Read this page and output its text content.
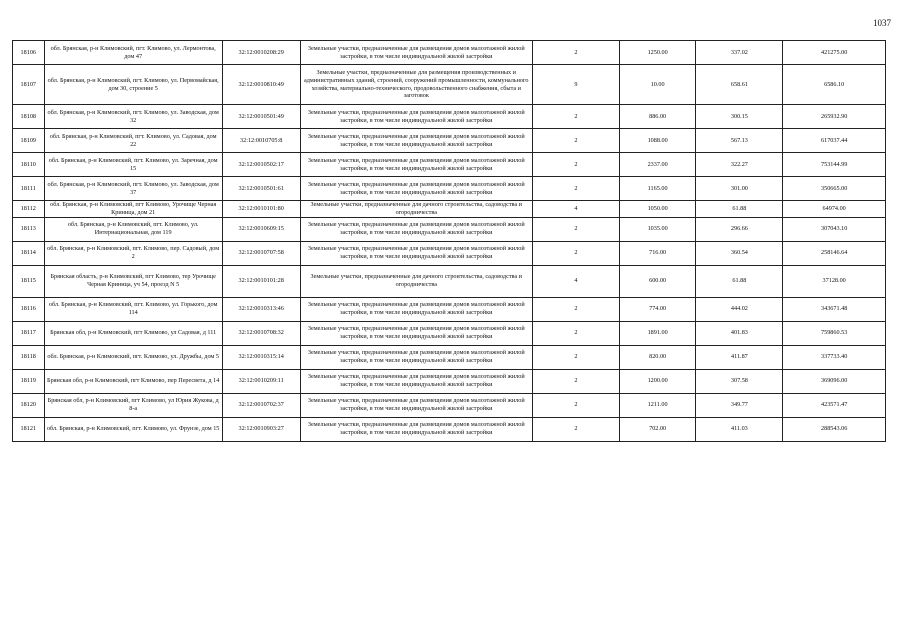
1037
18106	обл. Брянская, р-н Климовский, пгт. Климово, ул. Лермонтова, дом 47	32:12:0010208:29	Земельные участки, предназначенные для размещения домов малоэтажной жилой застройки, в том числе индивидуальной жилой застройки	2	1250.00	337.02	421275.00
18107	обл. Брянская, р-н Климовский, пгт. Климово, ул. Первомайская, дом 30, строение 5	32:12:0010810:49	Земельные участки, предназначенные для размещения производственных и административных зданий, строений, сооружений промышленности, коммунального хозяйства, материально-технического, продовольственного снабжения, сбыта и заготовок	9	10.00	658.61	6586.10
18108	обл. Брянская, р-н Климовский, пгт. Климово, ул. Заводская, дом 32	32:12:0010501:49	Земельные участки, предназначенные для размещения домов малоэтажной жилой застройки, в том числе индивидуальной жилой застройки	2	886.00	300.15	265932.90
18109	обл. Брянская, р-н Климовский, пгт. Климово, ул. Садовая, дом 22	32:12:0010705:8	Земельные участки, предназначенные для размещения домов малоэтажной жилой застройки, в том числе индивидуальной жилой застройки	2	1088.00	567.13	617037.44
18110	обл. Брянская, р-н Климовский, пгт. Климово, ул. Заречная, дом 15	32:12:0010502:17	Земельные участки, предназначенные для размещения домов малоэтажной жилой застройки, в том числе индивидуальной жилой застройки	2	2337.00	322.27	753144.99
18111	обл. Брянская, р-н Климовский, пгт. Климово, ул. Заводская, дом 37	32:12:0010501:61	Земельные участки, предназначенные для размещения домов малоэтажной жилой застройки, в том числе индивидуальной жилой застройки	2	1165.00	301.00	350665.00
18112	обл. Брянская, р-н Климовский, пгт Климово, Урочище Черная Криница, дом 21	32:12:0010101:80	Земельные участки, предназначенные для дачного строительства, садоводства и огородничества	4	1050.00	61.88	64974.00
18113	обл. Брянская, р-н Климовский, пгт. Климово, ул. Интернациональная, дом 119	32:12:0010609:15	Земельные участки, предназначенные для размещения домов малоэтажной жилой застройки, в том числе индивидуальной жилой застройки	2	1035.00	296.66	307043.10
18114	обл. Брянская, р-н Климовский, пгт. Климово, пер. Садовый, дом 2	32:12:0010707:58	Земельные участки, предназначенные для размещения домов малоэтажной жилой застройки, в том числе индивидуальной жилой застройки	2	716.00	360.54	258146.64
18115	Брянская область, р-н Климовский, пгт Климово, тер Урочище Черная Криница, уч 54, проезд N 5	32:12:0010101:28	Земельные участки, предназначенные для дачного строительства, садоводства и огородничества	4	600.00	61.88	37128.00
18116	обл. Брянская, р-н Климовский, пгт. Климово, ул. Горького, дом 114	32:12:0010313:46	Земельные участки, предназначенные для размещения домов малоэтажной жилой застройки, в том числе индивидуальной жилой застройки	2	774.00	444.02	343671.48
18117	Брянская обл, р-н Климовский, пгт Климово, ул Садовая, д 111	32:12:0010708:32	Земельные участки, предназначенные для размещения домов малоэтажной жилой застройки, в том числе индивидуальной жилой застройки	2	1891.00	401.83	759860.53
18118	обл. Брянская, р-н Климовский, пгт. Климово, ул. Дружбы, дом 5	32:12:0010315:14	Земельные участки, предназначенные для размещения домов малоэтажной жилой застройки, в том числе индивидуальной жилой застройки	2	820.00	411.87	337733.40
18119	Брянская обл, р-н Климовский, пгт Климово, пер Пересвета, д 14	32:12:0010209:11	Земельные участки, предназначенные для размещения домов малоэтажной жилой застройки, в том числе индивидуальной жилой застройки	2	1200.00	307.58	369096.00
18120	Брянская обл, р-н Климовский, пгт Климово, ул Юрия Жукова, д 8-а	32:12:0010702:37	Земельные участки, предназначенные для размещения домов малоэтажной жилой застройки, в том числе индивидуальной жилой застройки	2	1211.00	349.77	423571.47
18121	обл. Брянская, р-н Климовский, пгт. Климово, ул. Фрунзе, дом 15	32:12:0010903:27	Земельные участки, предназначенные для размещения домов малоэтажной жилой застройки, в том числе индивидуальной жилой застройки	2	702.00	411.03	288543.06
